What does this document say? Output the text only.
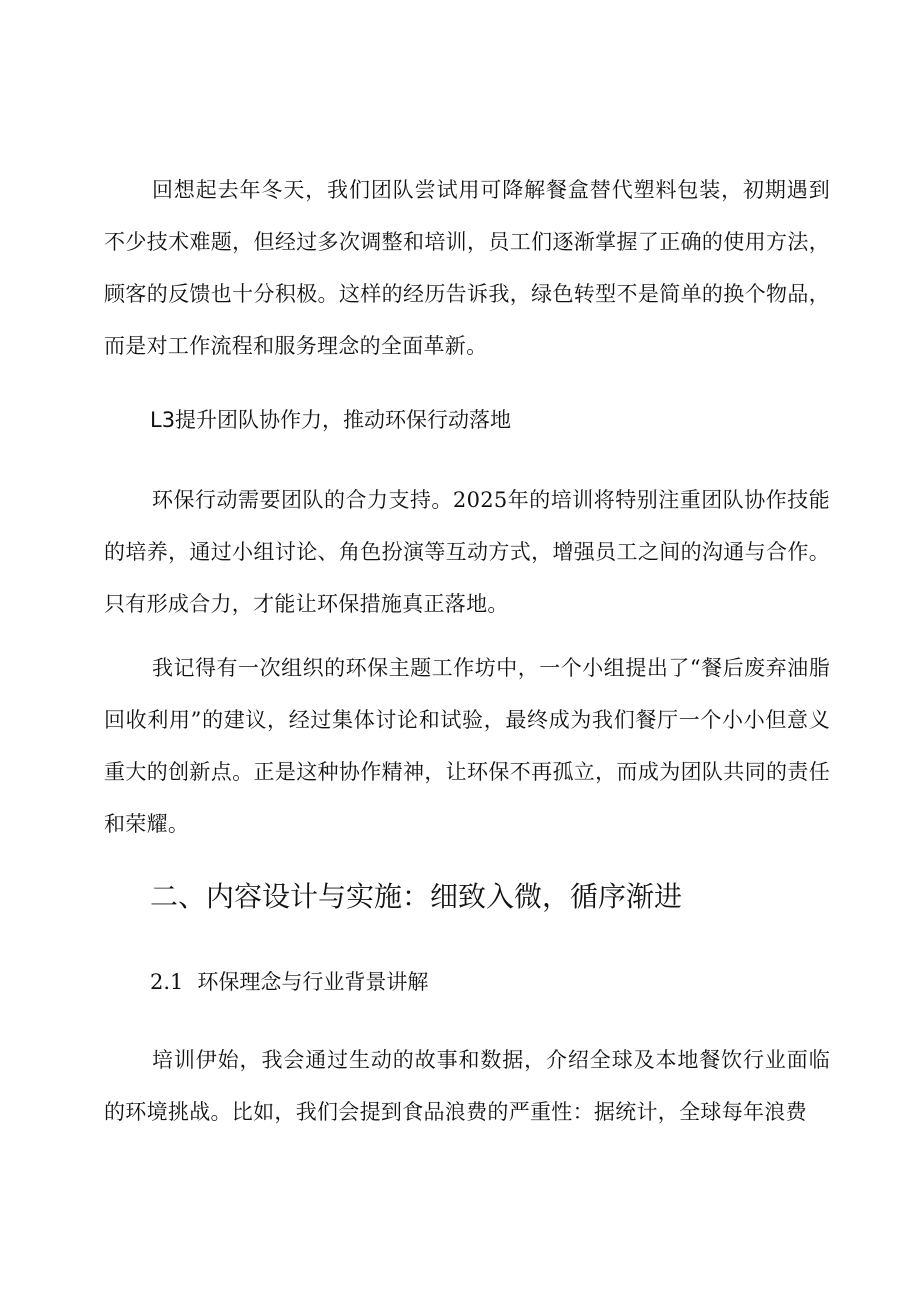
回想起去年冬天，我们团队尝试用可降解餐盒替代塑料包装，初期遇到不少技术难题，但经过多次调整和培训，员工们逐渐掌握了正确的使用方法，顾客的反馈也十分积极。这样的经历告诉我，绿色转型不是简单的换个物品，而是对工作流程和服务理念的全面革新。

L3提升团队协作力，推动环保行动落地

环保行动需要团队的合力支持。2025年的培训将特别注重团队协作技能的培养，通过小组讨论、角色扮演等互动方式，增强员工之间的沟通与合作。只有形成合力，才能让环保措施真正落地。

我记得有一次组织的环保主题工作坊中，一个小组提出了“餐后废弃油脂回收利用”的建议，经过集体讨论和试验，最终成为我们餐厅一个小小但意义重大的创新点。正是这种协作精神，让环保不再孤立，而成为团队共同的责任和荣耀。

二、内容设计与实施：细致入微，循序渐进
2.1 环保理念与行业背景讲解

培训伊始，我会通过生动的故事和数据，介绍全球及本地餐饮行业面临的环境挑战。比如，我们会提到食品浪费的严重性：据统计，全球每年浪费
